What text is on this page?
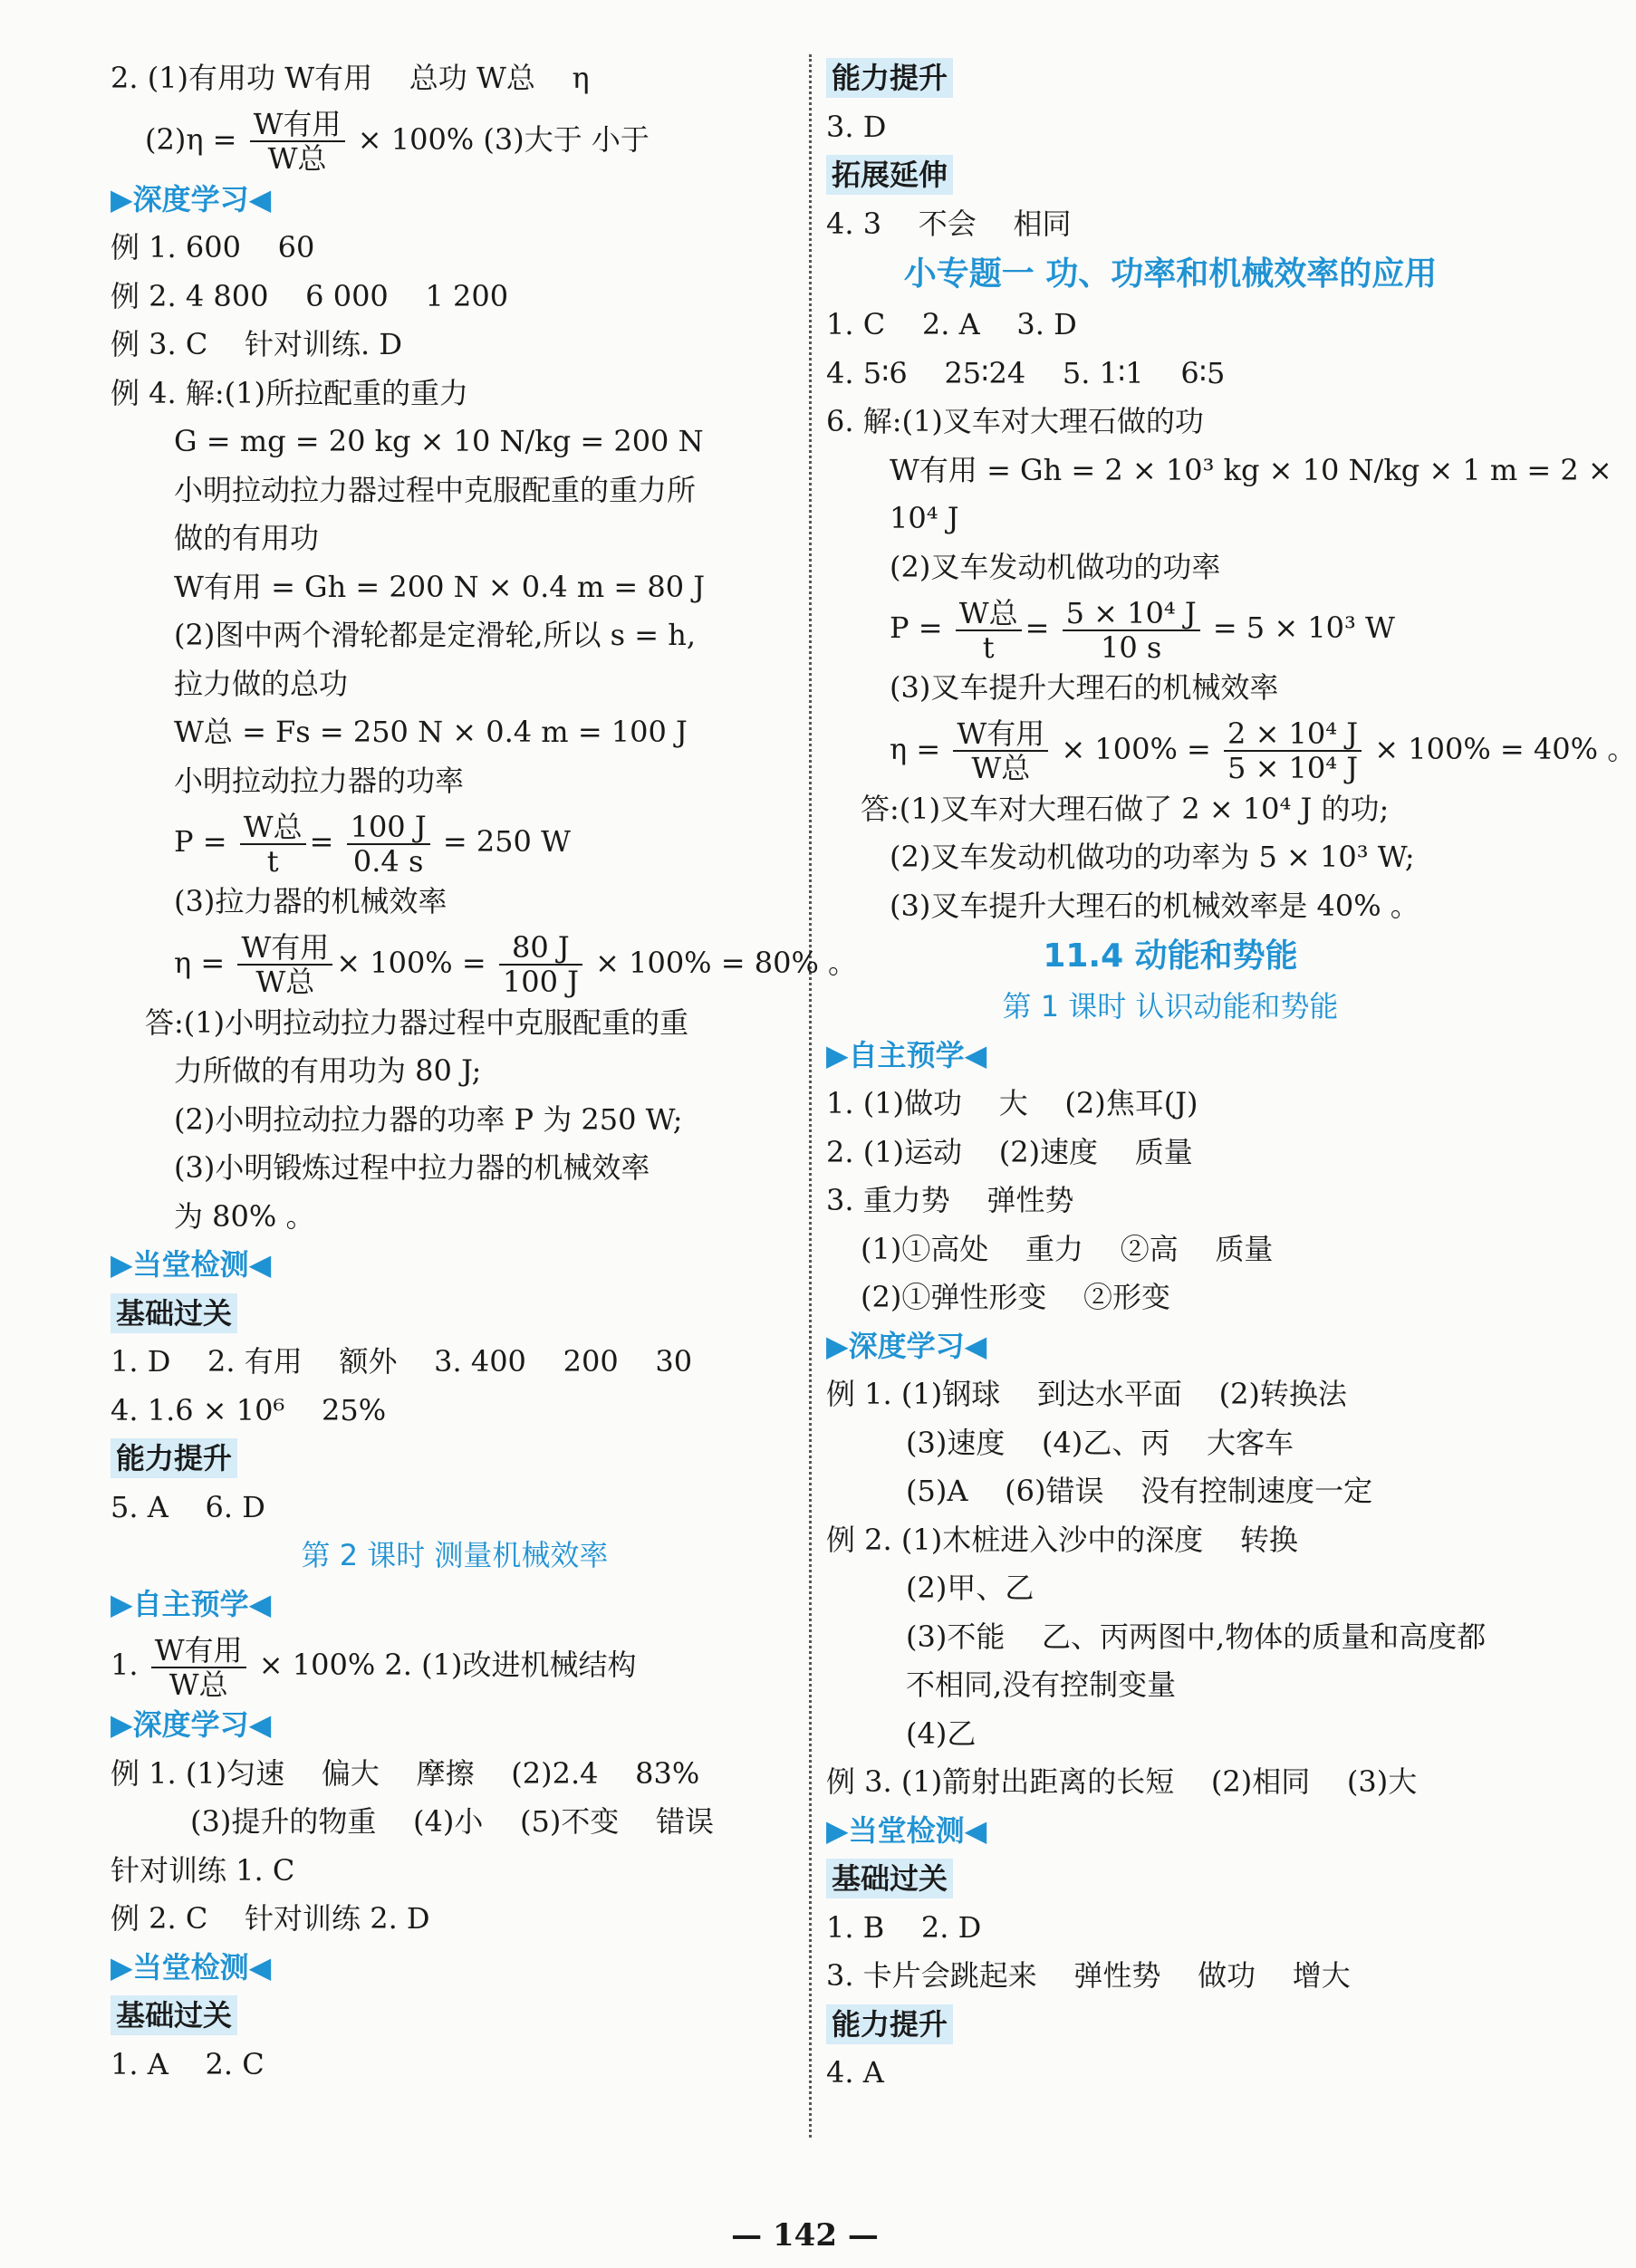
2. (1)有用功 W有用    总功 W总    η
$(2)\eta = \frac{\text{W有用}}{\text{W总}} \times 100\%$ (3)大于 小于
▶深度学习◀
例 1. 600    60
例 2. 4 800    6 000    1 200
例 3. C    针对训练. D
例 4. 解:(1)所拉配重的重力
G = mg = 20 kg × 10 N/kg = 200 N
小明拉动拉力器过程中克服配重的重力所
做的有用功
W有用 = Gh = 200 N × 0.4 m = 80 J
(2)图中两个滑轮都是定滑轮,所以 s = h,
拉力做的总功
W总 = Fs = 250 N × 0.4 m = 100 J
小明拉动拉力器的功率
$P = \frac{\text{W总}}{t} = \frac{100 J}{0.4 s} = 250$ W
(3)拉力器的机械效率
$\eta = \frac{\text{W有用}}{\text{W总}} \times 100\% = \frac{80 J}{100 J} \times 100\% = 80\%$ 。
答:(1)小明拉动拉力器过程中克服配重的重
力所做的有用功为 80 J;
(2)小明拉动拉力器的功率 P 为 250 W;
(3)小明锻炼过程中拉力器的机械效率
为 80% 。
▶当堂检测◀
基础过关
1. D    2. 有用    额外    3. 400    200    30
4. 1.6 × 10⁶    25%
能力提升
5. A    6. D
第 2 课时 测量机械效率
▶自主预学◀
1. $\frac{\text{W有用}}{\text{W总}} \times 100\%$ 2. (1)改进机械结构
▶深度学习◀
例 1. (1)匀速    偏大    摩擦    (2)2.4    83%
(3)提升的物重    (4)小    (5)不变    错误
针对训练 1. C
例 2. C    针对训练 2. D
▶当堂检测◀
基础过关
1. A    2. C
能力提升
3. D
拓展延伸
4. 3    不会    相同
小专题一 功、功率和机械效率的应用
1. C    2. A    3. D
4. 5∶6    25∶24    5. 1∶1    6∶5
6. 解:(1)叉车对大理石做的功
W有用 = Gh = 2 × 10³ kg × 10 N/kg × 1 m = 2 ×
10⁴ J
(2)叉车发动机做功的功率
$P = \frac{\text{W总}}{t} = \frac{\text{5 × 10⁴ J}}{10 s} = 5 \times 10^3$ W
(3)叉车提升大理石的机械效率
$\eta = \frac{\text{W有用}}{\text{W总}} \times 100\% = \frac{\text{2 × 10⁴ J}}{\text{5 × 10⁴ J}} \times 100\% = 40\%$ 。
答:(1)叉车对大理石做了 2 × 10⁴ J 的功;
(2)叉车发动机做功的功率为 5 × 10³ W;
(3)叉车提升大理石的机械效率是 40% 。
11.4 动能和势能
第 1 课时 认识动能和势能
▶自主预学◀
1. (1)做功    大    (2)焦耳(J)
2. (1)运动    (2)速度    质量
3. 重力势    弹性势
(1)①高处    重力    ②高    质量
(2)①弹性形变    ②形变
▶深度学习◀
例 1. (1)钢球    到达水平面    (2)转换法
(3)速度    (4)乙、丙    大客车
(5)A    (6)错误    没有控制速度一定
例 2. (1)木桩进入沙中的深度    转换
(2)甲、乙
(3)不能    乙、丙两图中,物体的质量和高度都
不相同,没有控制变量
(4)乙
例 3. (1)箭射出距离的长短    (2)相同    (3)大
▶当堂检测◀
基础过关
1. B    2. D
3. 卡片会跳起来    弹性势    做功    增大
能力提升
4. A
— 142 —
